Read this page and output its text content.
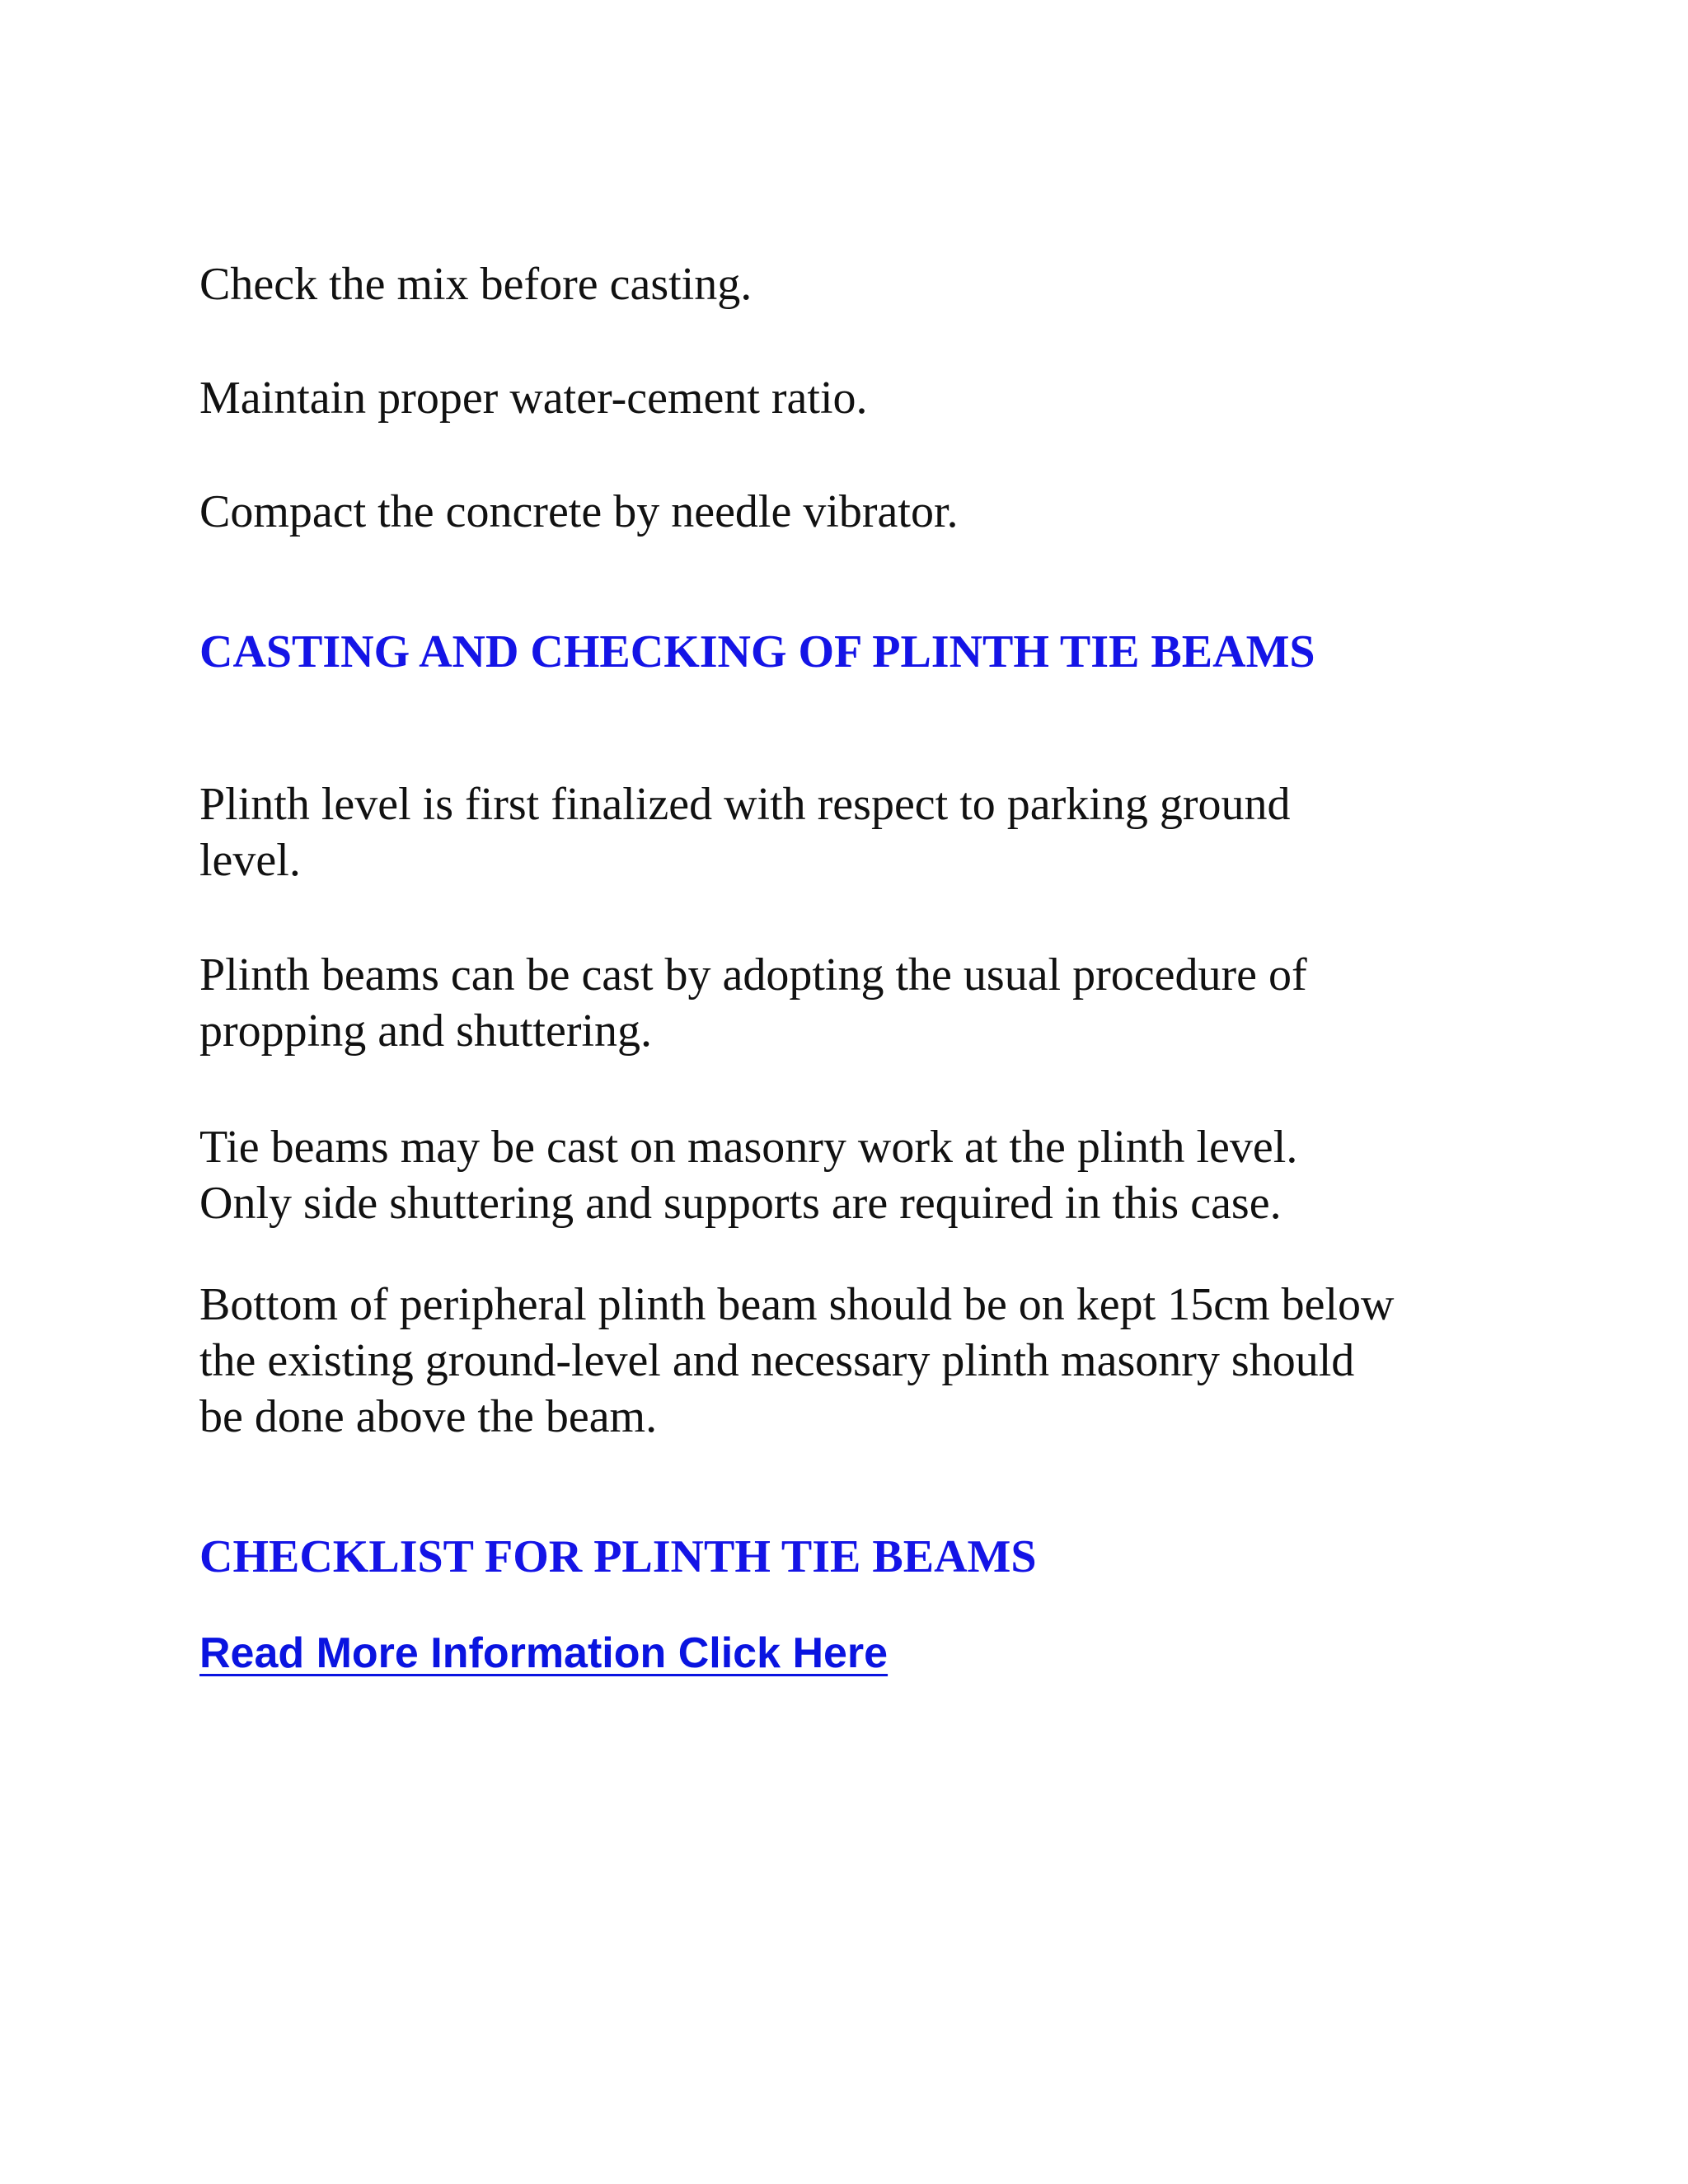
Check the mix before casting.

Maintain proper water-cement ratio.

Compact the concrete by needle vibrator.

CASTING AND CHECKING OF PLINTH TIE BEAMS
Plinth level is first finalized with respect to parking ground
level.
Plinth beams can be cast by adopting the usual procedure of
propping and shuttering.
Tie beams may be cast on masonry work at the plinth level.
Only side shuttering and supports are required in this case.
Bottom of peripheral plinth beam should be on kept 15cm below
the existing ground-level and necessary plinth masonry should
be done above the beam.
CHECKLIST FOR PLINTH TIE BEAMS
Read More Information Click Here
